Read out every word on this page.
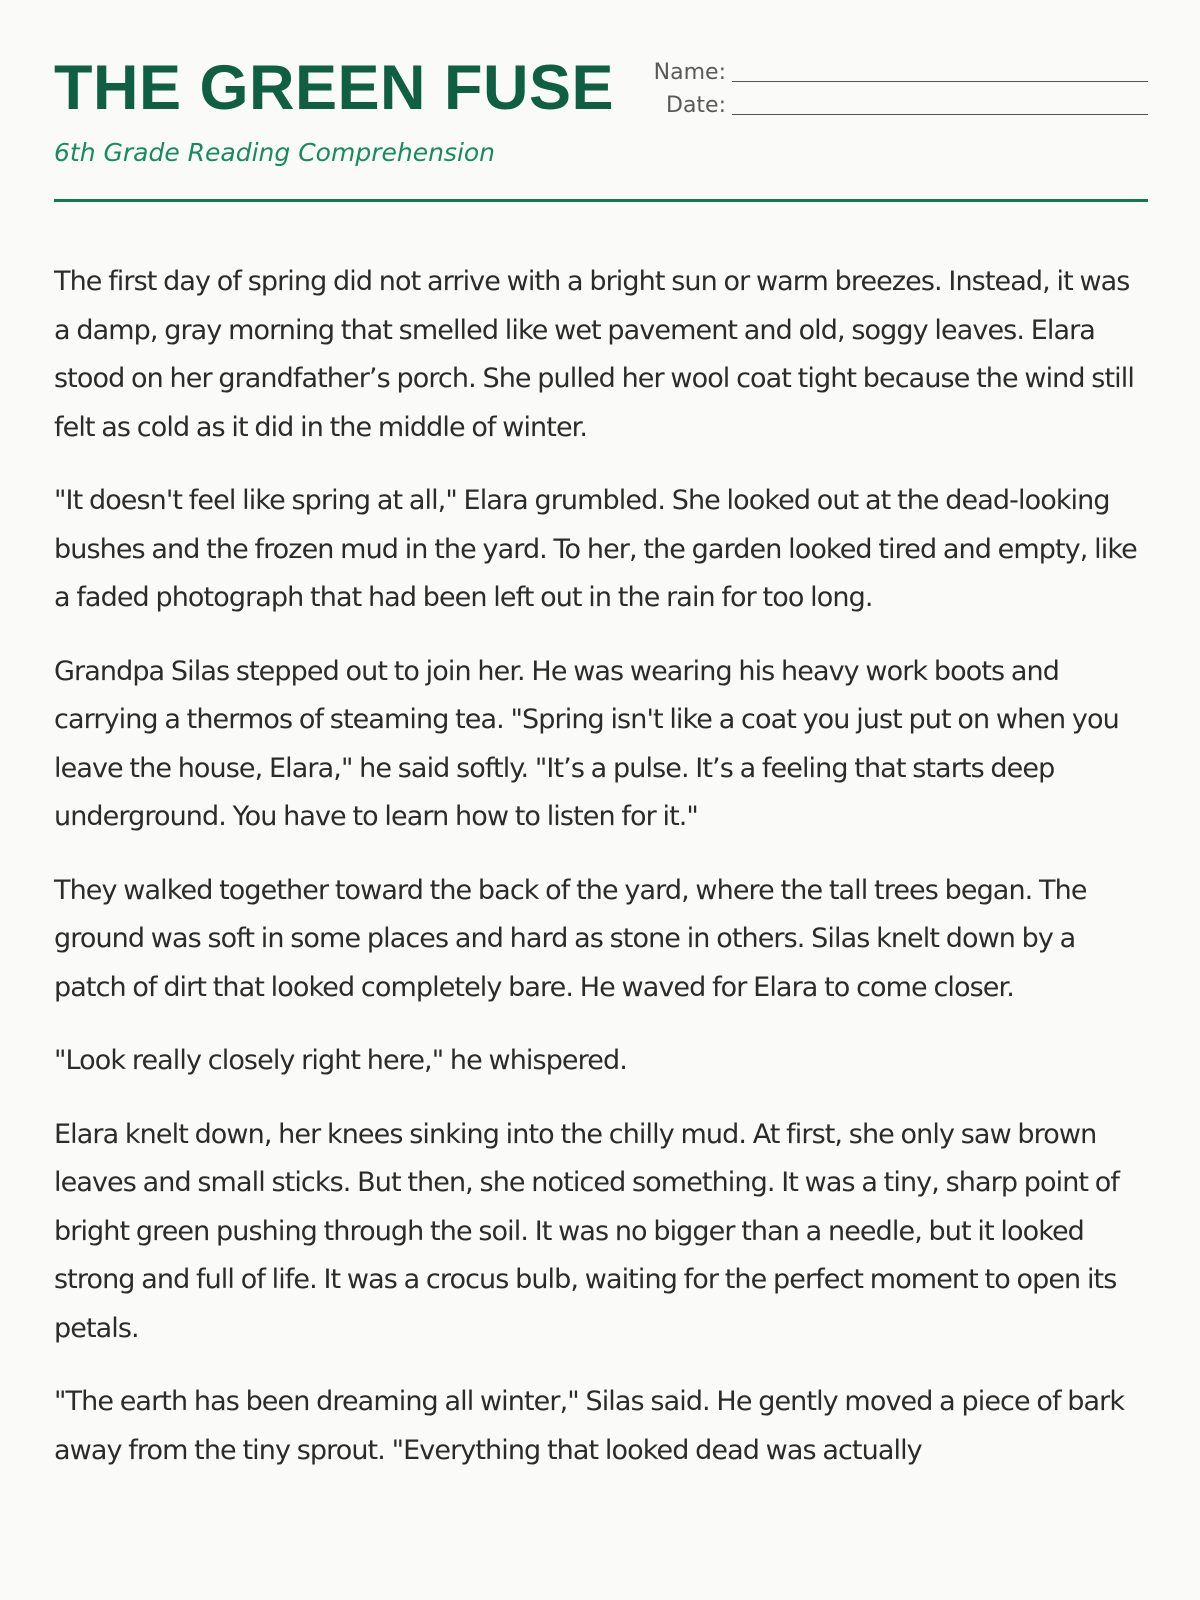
THE GREEN FUSE
6th Grade Reading Comprehension
Name:
Date:

The first day of spring did not arrive with a bright sun or warm breezes. Instead, it was a damp, gray morning that smelled like wet pavement and old, soggy leaves. Elara stood on her grandfather’s porch. She pulled her wool coat tight because the wind still felt as cold as it did in the middle of winter.

"It doesn't feel like spring at all," Elara grumbled. She looked out at the dead-looking bushes and the frozen mud in the yard. To her, the garden looked tired and empty, like a faded photograph that had been left out in the rain for too long.

Grandpa Silas stepped out to join her. He was wearing his heavy work boots and carrying a thermos of steaming tea. "Spring isn't like a coat you just put on when you leave the house, Elara," he said softly. "It’s a pulse. It’s a feeling that starts deep underground. You have to learn how to listen for it."

They walked together toward the back of the yard, where the tall trees began. The ground was soft in some places and hard as stone in others. Silas knelt down by a patch of dirt that looked completely bare. He waved for Elara to come closer.

"Look really closely right here," he whispered.

Elara knelt down, her knees sinking into the chilly mud. At first, she only saw brown leaves and small sticks. But then, she noticed something. It was a tiny, sharp point of bright green pushing through the soil. It was no bigger than a needle, but it looked strong and full of life. It was a crocus bulb, waiting for the perfect moment to open its petals.

"The earth has been dreaming all winter," Silas said. He gently moved a piece of bark away from the tiny sprout. "Everything that looked dead was actually
